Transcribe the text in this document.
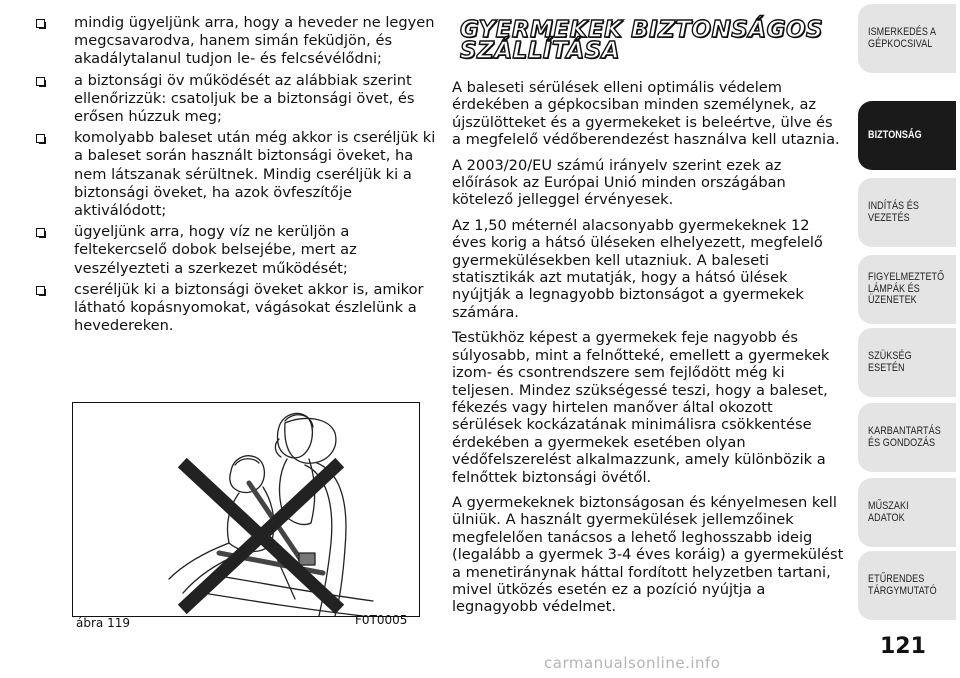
mindig ügyeljünk arra, hogy a heveder ne legyen megcsavarodva, hanem simán feküdjön, és akadálytalanul tudjon le- és felcsévélődni;
a biztonsági öv működését az alábbiak szerint ellenőrizzük: csatoljuk be a biztonsági övet, és erősen húzzuk meg;
komolyabb baleset után még akkor is cseréljük ki a baleset során használt biztonsági öveket, ha nem látszanak sérültnek. Mindig cseréljük ki a biztonsági öveket, ha azok övfeszítője aktiválódott;
ügyeljünk arra, hogy víz ne kerüljön a feltekercselő dobok belsejébe, mert az veszélyezteti a szerkezet működését;
cseréljük ki a biztonsági öveket akkor is, amikor látható kopásnyomokat, vágásokat észlelünk a hevedereken.
ábra 119	F0T0005
GYERMEKEK BIZTONSÁGOS
SZÁLLÍTÁSA

A baleseti sérülések elleni optimális védelem érdekében a gépkocsiban minden személynek, az újszülötteket és a gyermekeket is beleértve, ülve és a megfelelő védőberendezést használva kell utaznia.

A 2003/20/EU számú irányelv szerint ezek az előírások az Európai Unió minden országában kötelező jelleggel érvényesek.

Az 1,50 méternél alacsonyabb gyermekeknek 12 éves korig a hátsó üléseken elhelyezett, megfelelő gyermekülésekben kell utazniuk. A baleseti statisztikák azt mutatják, hogy a hátsó ülések nyújtják a legnagyobb biztonságot a gyermekek számára.

Testükhöz képest a gyermekek feje nagyobb és súlyosabb, mint a felnőtteké, emellett a gyermekek izom- és csontrendszere sem fejlődött még ki teljesen. Mindez szükségessé teszi, hogy a baleset, fékezés vagy hirtelen manőver által okozott sérülések kockázatának minimálisra csökkentése érdekében a gyermekek esetében olyan védőfelszerelést alkalmazzunk, amely különbözik a felnőttek biztonsági övétől.

A gyermekeknek biztonságosan és kényelmesen kell ülniük. A használt gyermekülések jellemzőinek megfelelően tanácsos a lehető leghosszabb ideig (legalább a gyermek 3-4 éves koráig) a gyermekülést a menetiránynak háttal fordított helyzetben tartani, mivel ütközés esetén ez a pozíció nyújtja a legnagyobb védelmet.

ISMERKEDÉS A GÉPKOCSIVAL
BIZTONSÁG
INDÍTÁS ÉS VEZETÉS
FIGYELMEZTETŐ LÁMPÁK ÉS ÜZENETEK
SZÜKSÉG ESETÉN
KARBANTARTÁS ÉS GONDOZÁS
MŰSZAKI ADATOK
ETŰRENDES TÁRGYMUTATÓ
121
carmanualsonline.info
